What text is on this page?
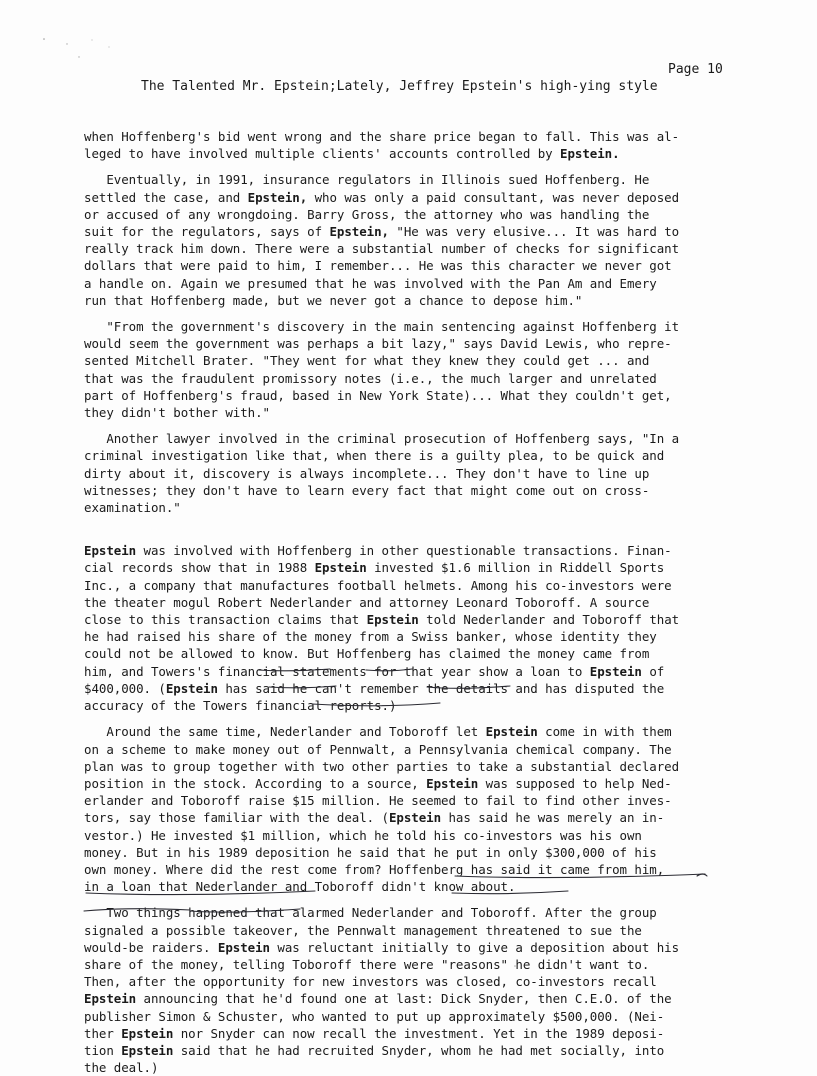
Page 10
The Talented Mr. Epstein;Lately, Jeffrey Epstein's high-ying style
when Hoffenberg's bid went wrong and the share price began to fall. This was al-
leged to have involved multiple clients' accounts controlled by Epstein.
Eventually, in 1991, insurance regulators in Illinois sued Hoffenberg. He
settled the case, and Epstein, who was only a paid consultant, was never deposed
or accused of any wrongdoing. Barry Gross, the attorney who was handling the
suit for the regulators, says of Epstein, "He was very elusive... It was hard to
really track him down. There were a substantial number of checks for significant
dollars that were paid to him, I remember... He was this character we never got
a handle on. Again we presumed that he was involved with the Pan Am and Emery
run that Hoffenberg made, but we never got a chance to depose him."
"From the government's discovery in the main sentencing against Hoffenberg it
would seem the government was perhaps a bit lazy," says David Lewis, who repre-
sented Mitchell Brater. "They went for what they knew they could get ... and
that was the fraudulent promissory notes (i.e., the much larger and unrelated
part of Hoffenberg's fraud, based in New York State)... What they couldn't get,
they didn't bother with."
Another lawyer involved in the criminal prosecution of Hoffenberg says, "In a
criminal investigation like that, when there is a guilty plea, to be quick and
dirty about it, discovery is always incomplete... They don't have to line up
witnesses; they don't have to learn every fact that might come out on cross-
examination."
Epstein was involved with Hoffenberg in other questionable transactions. Finan-
cial records show that in 1988 Epstein invested $1.6 million in Riddell Sports
Inc., a company that manufactures football helmets. Among his co-investors were
the theater mogul Robert Nederlander and attorney Leonard Toboroff. A source
close to this transaction claims that Epstein told Nederlander and Toboroff that
he had raised his share of the money from a Swiss banker, whose identity they
could not be allowed to know. But Hoffenberg has claimed the money came from
him, and Towers's financial statements for that year show a loan to Epstein of
$400,000. (Epstein has said he can't remember the details and has disputed the
accuracy of the Towers financial reports.)
Around the same time, Nederlander and Toboroff let Epstein come in with them
on a scheme to make money out of Pennwalt, a Pennsylvania chemical company. The
plan was to group together with two other parties to take a substantial declared
position in the stock. According to a source, Epstein was supposed to help Ned-
erlander and Toboroff raise $15 million. He seemed to fail to find other inves-
tors, say those familiar with the deal. (Epstein has said he was merely an in-
vestor.) He invested $1 million, which he told his co-investors was his own
money. But in his 1989 deposition he said that he put in only $300,000 of his
own money. Where did the rest come from? Hoffenberg has said it came from him,
in a loan that Nederlander and Toboroff didn't know about.
Two things happened that alarmed Nederlander and Toboroff. After the group
signaled a possible takeover, the Pennwalt management threatened to sue the
would-be raiders. Epstein was reluctant initially to give a deposition about his
share of the money, telling Toboroff there were "reasons" he didn't want to.
Then, after the opportunity for new investors was closed, co-investors recall
Epstein announcing that he'd found one at last: Dick Snyder, then C.E.O. of the
publisher Simon & Schuster, who wanted to put up approximately $500,000. (Nei-
ther Epstein nor Snyder can now recall the investment. Yet in the 1989 deposi-
tion Epstein said that he had recruited Snyder, whom he had met socially, into
the deal.)
